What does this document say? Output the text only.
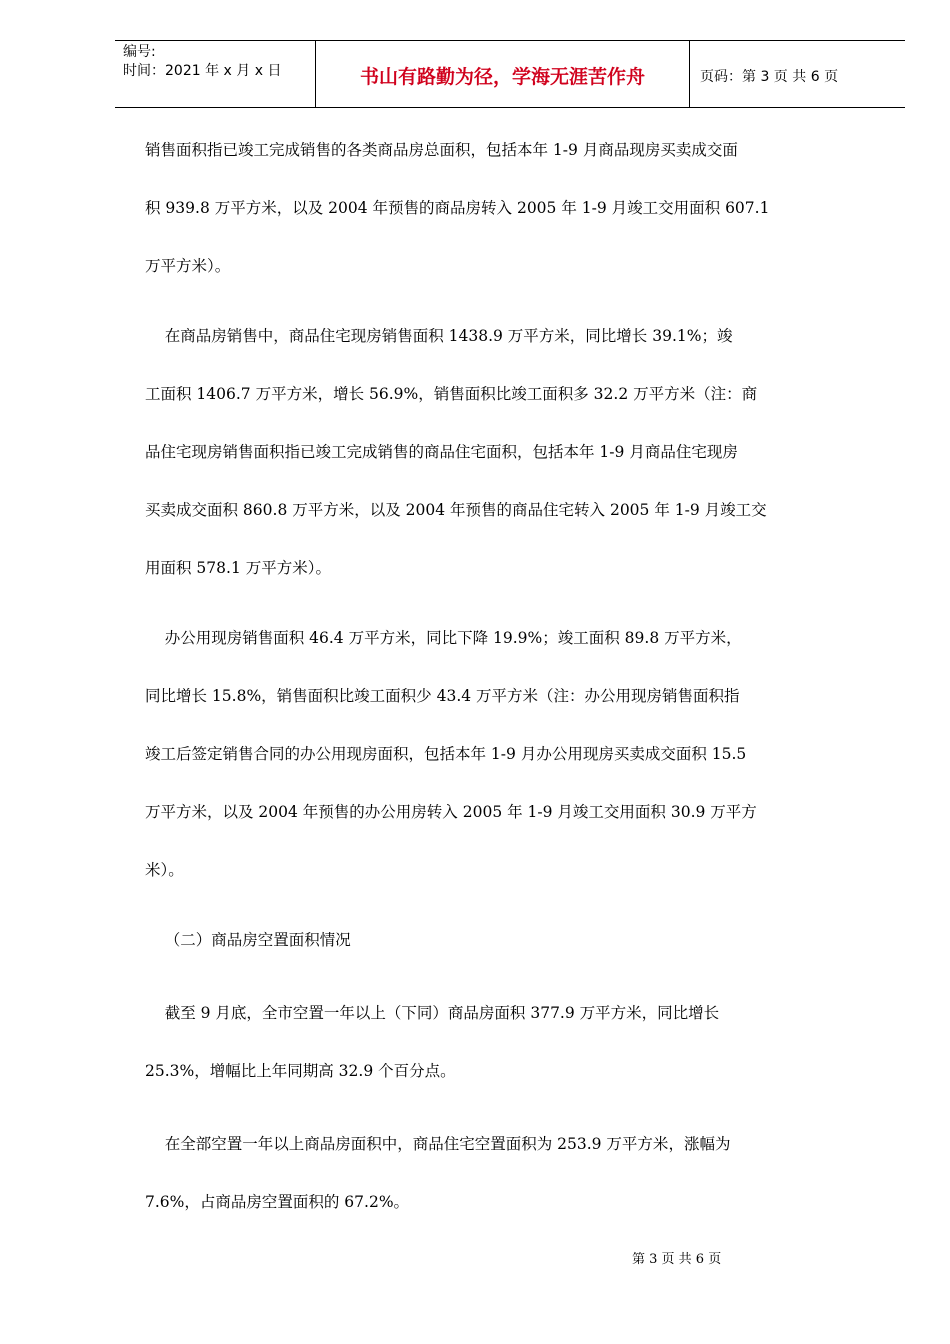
编号:
时间：2021 年 x 月 x 日	书山有路勤为径，学海无涯苦作舟	页码：第 3 页 共 6 页
销售面积指已竣工完成销售的各类商品房总面积，包括本年 1-9 月商品现房买卖成交面
积 939.8 万平方米，以及 2004 年预售的商品房转入 2005 年 1-9 月竣工交用面积 607.1
万平方米）。
在商品房销售中，商品住宅现房销售面积 1438.9 万平方米，同比增长 39.1%；竣
工面积 1406.7 万平方米，增长 56.9%，销售面积比竣工面积多 32.2 万平方米（注：商
品住宅现房销售面积指已竣工完成销售的商品住宅面积，包括本年 1-9 月商品住宅现房
买卖成交面积 860.8 万平方米，以及 2004 年预售的商品住宅转入 2005 年 1-9 月竣工交
用面积 578.1 万平方米）。
办公用现房销售面积 46.4 万平方米，同比下降 19.9%；竣工面积 89.8 万平方米，
同比增长 15.8%，销售面积比竣工面积少 43.4 万平方米（注：办公用现房销售面积指
竣工后签定销售合同的办公用现房面积，包括本年 1-9 月办公用现房买卖成交面积 15.5
万平方米，以及 2004 年预售的办公用房转入 2005 年 1-9 月竣工交用面积 30.9 万平方
米）。
（二）商品房空置面积情况
截至 9 月底，全市空置一年以上（下同）商品房面积 377.9 万平方米，同比增长
25.3%，增幅比上年同期高 32.9 个百分点。
在全部空置一年以上商品房面积中，商品住宅空置面积为 253.9 万平方米，涨幅为
7.6%，占商品房空置面积的 67.2%。
第 3 页 共 6 页
